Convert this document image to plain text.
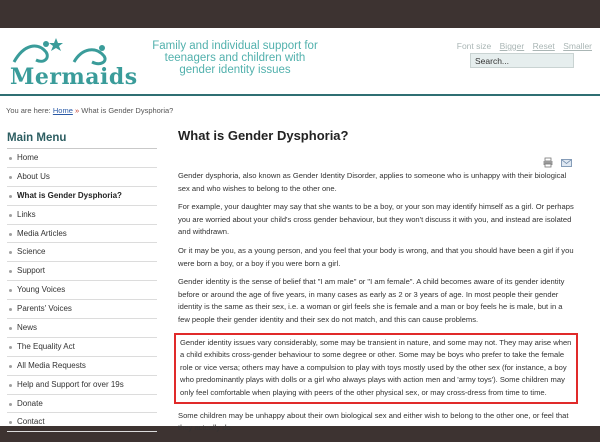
Mermaids
Family and individual support for teenagers and children with gender identity issues
Font size Bigger Reset Smaller
Search...
You are here: Home » What is Gender Dysphoria?
Main Menu
Home
About Us
What is Gender Dysphoria?
Links
Media Articles
Science
Support
Young Voices
Parents' Voices
News
The Equality Act
All Media Requests
Help and Support for over 19s
Donate
Contact
What is Gender Dysphoria?

Gender dysphoria, also known as Gender Identity Disorder, applies to someone who is unhappy with their biological sex and who wishes to belong to the other one.

For example, your daughter may say that she wants to be a boy, or your son may identify himself as a girl. Or perhaps you are worried about your child's cross gender behaviour, but they won't discuss it with you, and instead are isolated and withdrawn.

Or it may be you, as a young person, and you feel that your body is wrong, and that you should have been a girl if you were born a boy, or a boy if you were born a girl.

Gender identity is the sense of belief that "I am male" or "I am female". A child becomes aware of its gender identity before or around the age of five years, in many cases as early as 2 or 3 years of age. In most people their gender identity is the same as their sex, i.e. a woman or girl feels she is female and a man or boy feels he is male, but in a few people their gender identity and their sex do not match, and this can cause problems.

Gender identity issues vary considerably, some may be transient in nature, and some may not. They may arise when a child exhibits cross-gender behaviour to some degree or other. Some may be boys who prefer to take the female role or vice versa; others may have a compulsion to play with toys mostly used by the other sex (for instance, a boy who predominantly plays with dolls or a girl who always plays with action men and 'army toys'). Some children may only feel comfortable when playing with peers of the other physical sex, or may cross-dress from time to time.

Some children may be unhappy about their own biological sex and either wish to belong to the other one, or feel that they actually do.
